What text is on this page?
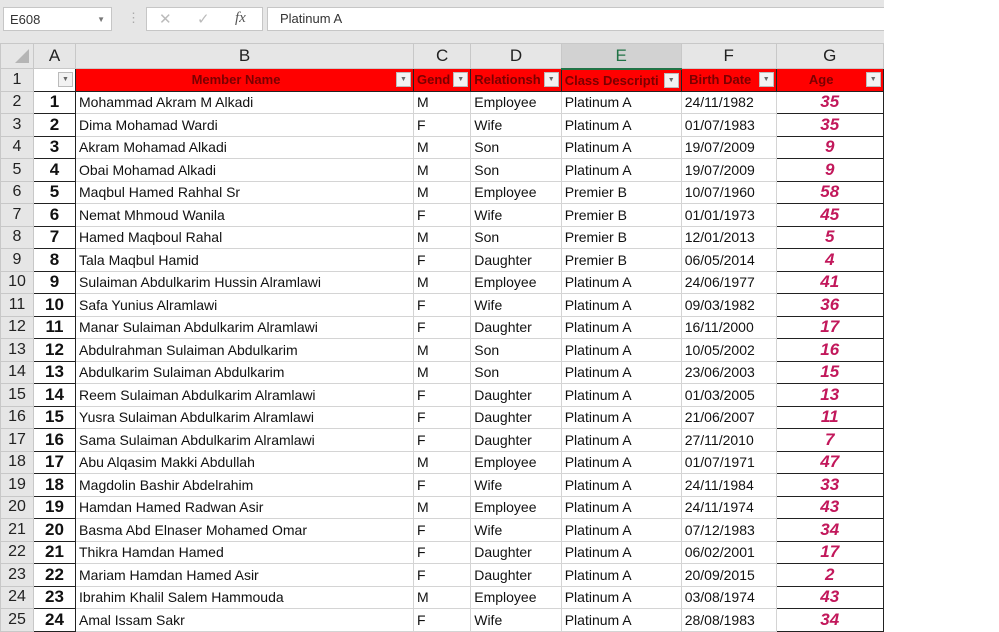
E608	▼ ⋮ ✕ ✓ fx	Platinum A
	A	B	C	D	E	F	G
1	▼	Member Name ▼	Gend ▼	Relationsh ▼	Class Descripti ▼	Birth Date ▼	Age ▼

2	1	Mohammad Akram M Alkadi	M	Employee	Platinum A	24/11/1982	35
3	2	Dima Mohamad Wardi	F	Wife	Platinum A	01/07/1983	35
4	3	Akram Mohamad Alkadi	M	Son	Platinum A	19/07/2009	9
5	4	Obai Mohamad Alkadi	M	Son	Platinum A	19/07/2009	9
6	5	Maqbul Hamed Rahhal Sr	M	Employee	Premier B	10/07/1960	58
7	6	Nemat Mhmoud Wanila	F	Wife	Premier B	01/01/1973	45
8	7	Hamed Maqboul Rahal	M	Son	Premier B	12/01/2013	5
9	8	Tala Maqbul Hamid	F	Daughter	Premier B	06/05/2014	4
10	9	Sulaiman Abdulkarim Hussin Alramlawi	M	Employee	Platinum A	24/06/1977	41
11	10	Safa Yunius Alramlawi	F	Wife	Platinum A	09/03/1982	36
12	11	Manar Sulaiman Abdulkarim Alramlawi	F	Daughter	Platinum A	16/11/2000	17
13	12	Abdulrahman Sulaiman Abdulkarim	M	Son	Platinum A	10/05/2002	16
14	13	Abdulkarim Sulaiman Abdulkarim	M	Son	Platinum A	23/06/2003	15
15	14	Reem Sulaiman Abdulkarim Alramlawi	F	Daughter	Platinum A	01/03/2005	13
16	15	Yusra Sulaiman Abdulkarim Alramlawi	F	Daughter	Platinum A	21/06/2007	11
17	16	Sama Sulaiman Abdulkarim Alramlawi	F	Daughter	Platinum A	27/11/2010	7
18	17	Abu Alqasim Makki Abdullah	M	Employee	Platinum A	01/07/1971	47
19	18	Magdolin Bashir Abdelrahim	F	Wife	Platinum A	24/11/1984	33
20	19	Hamdan Hamed Radwan Asir	M	Employee	Platinum A	24/11/1974	43
21	20	Basma Abd Elnaser Mohamed Omar	F	Wife	Platinum A	07/12/1983	34
22	21	Thikra Hamdan Hamed	F	Daughter	Platinum A	06/02/2001	17
23	22	Mariam Hamdan Hamed Asir	F	Daughter	Platinum A	20/09/2015	2
24	23	Ibrahim Khalil Salem Hammouda	M	Employee	Platinum A	03/08/1974	43
25	24	Amal Issam Sakr	F	Wife	Platinum A	28/08/1983	34
